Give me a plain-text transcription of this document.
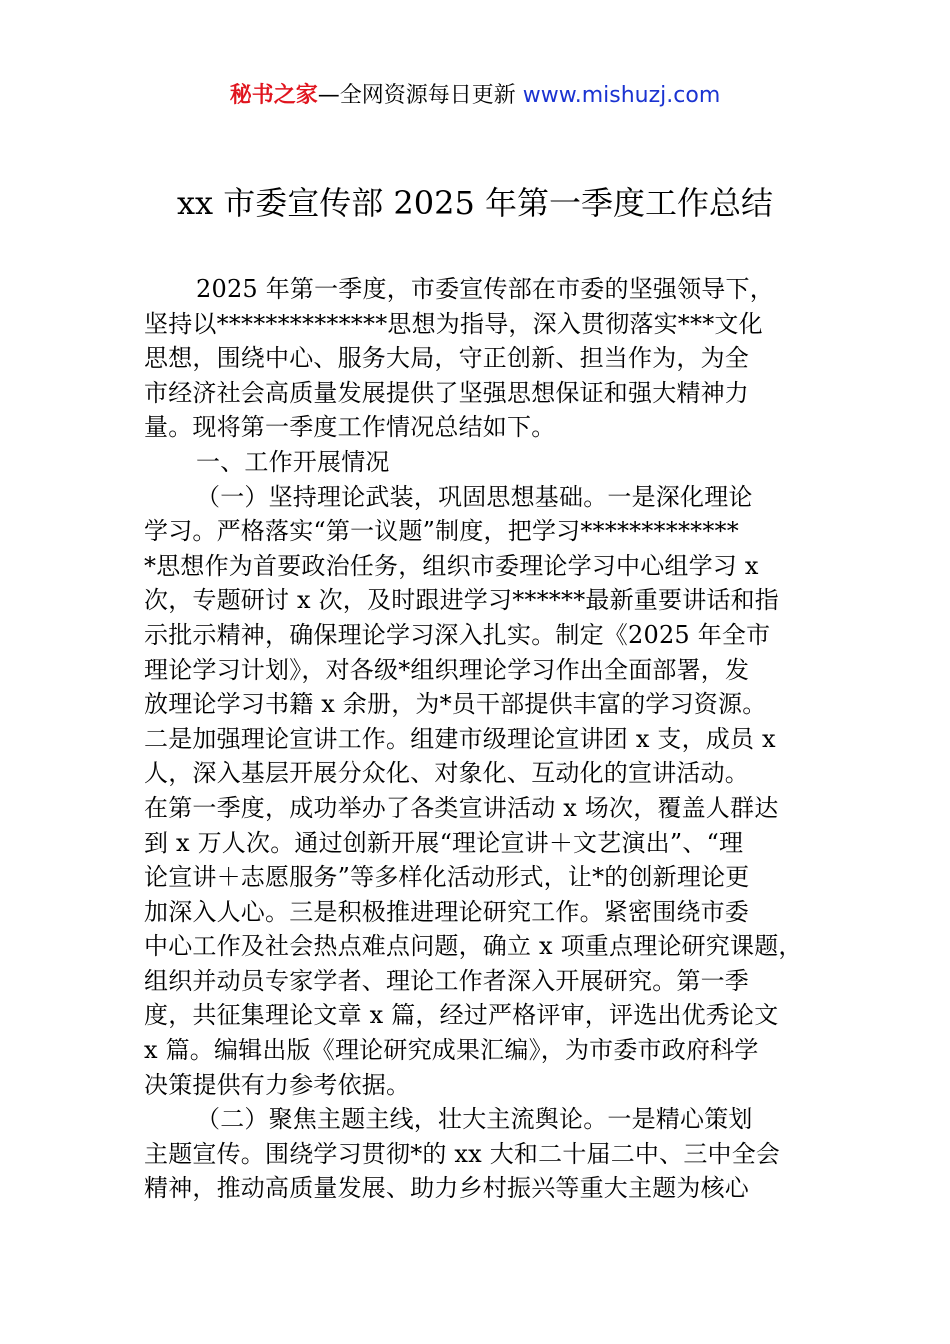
秘书之家—全网资源每日更新 www.mishuzj.com
xx 市委宣传部 2025 年第一季度工作总结
2025 年第一季度，市委宣传部在市委的坚强领导下，
坚持以**************思想为指导，深入贯彻落实***文化
思想，围绕中心、服务大局，守正创新、担当作为，为全
市经济社会高质量发展提供了坚强思想保证和强大精神力
量。现将第一季度工作情况总结如下。
一、工作开展情况
（一）坚持理论武装，巩固思想基础。一是深化理论
学习。严格落实“第一议题”制度，把学习*************
*思想作为首要政治任务，组织市委理论学习中心组学习 x
次，专题研讨 x 次，及时跟进学习******最新重要讲话和指
示批示精神，确保理论学习深入扎实。制定《2025 年全市
理论学习计划》，对各级*组织理论学习作出全面部署，发
放理论学习书籍 x 余册，为*员干部提供丰富的学习资源。
二是加强理论宣讲工作。组建市级理论宣讲团 x 支，成员 x
人，深入基层开展分众化、对象化、互动化的宣讲活动。
在第一季度，成功举办了各类宣讲活动 x 场次，覆盖人群达
到 x 万人次。通过创新开展“理论宣讲＋文艺演出”、“理
论宣讲＋志愿服务”等多样化活动形式，让*的创新理论更
加深入人心。三是积极推进理论研究工作。紧密围绕市委
中心工作及社会热点难点问题，确立 x 项重点理论研究课题，
组织并动员专家学者、理论工作者深入开展研究。第一季
度，共征集理论文章 x 篇，经过严格评审，评选出优秀论文
x 篇。编辑出版《理论研究成果汇编》，为市委市政府科学
决策提供有力参考依据。
（二）聚焦主题主线，壮大主流舆论。一是精心策划
主题宣传。围绕学习贯彻*的 xx 大和二十届二中、三中全会
精神，推动高质量发展、助力乡村振兴等重大主题为核心
